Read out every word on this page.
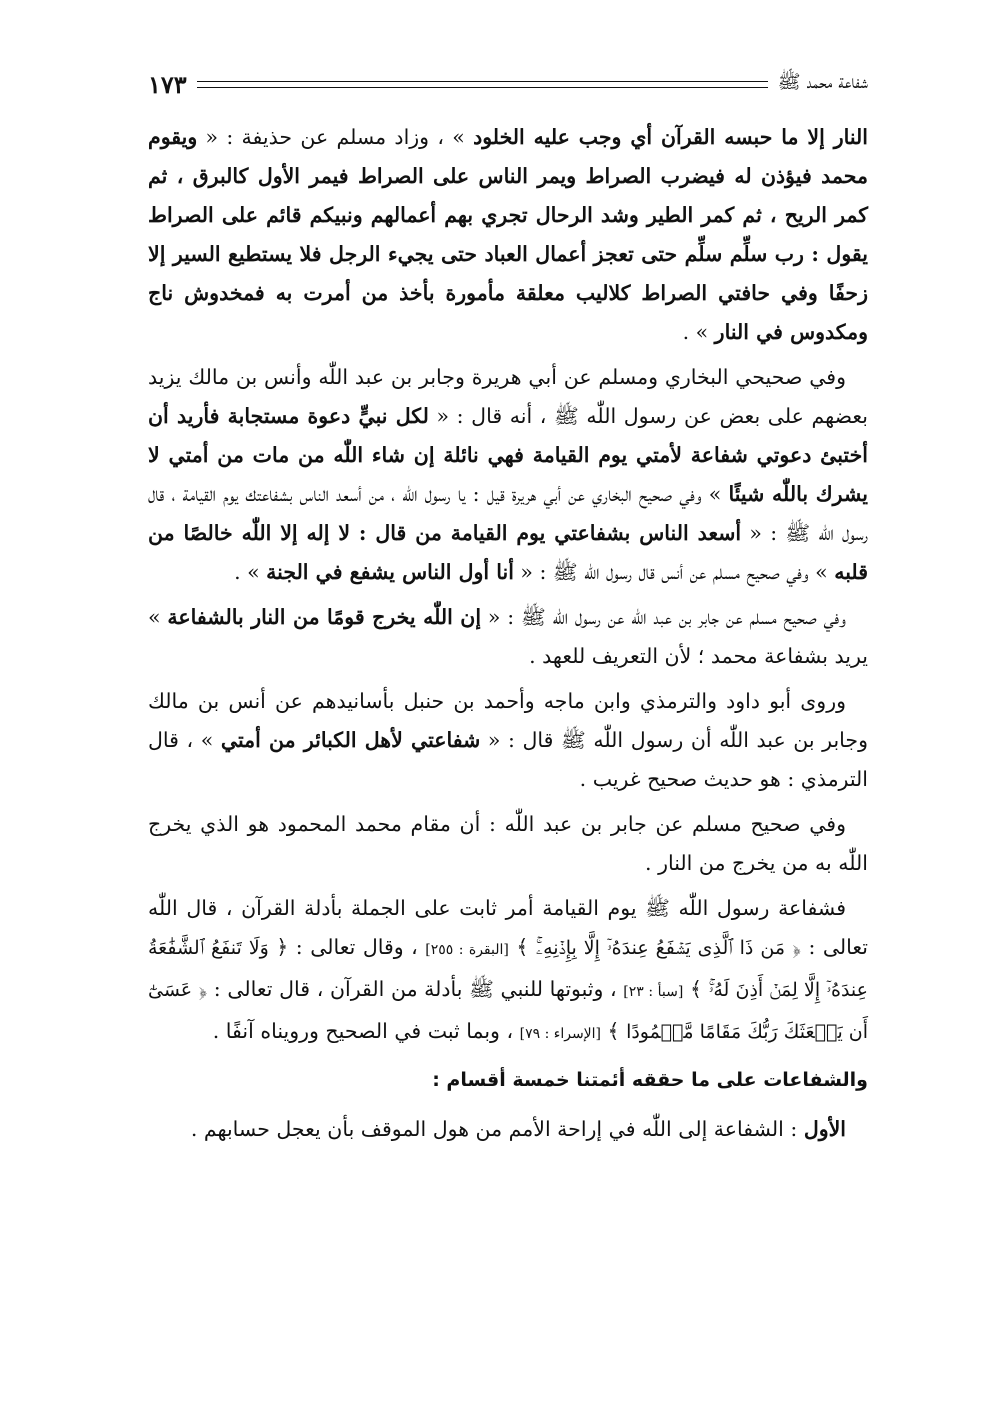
شفاعة محمد ﷺ
١٧٣

النار إلا ما حبسه القرآن أي وجب عليه الخلود » ، وزاد مسلم عن حذيفة : « ويقوم محمد فيؤذن له فيضرب الصراط ويمر الناس على الصراط فيمر الأول كالبرق ، ثم كمر الريح ، ثم كمر الطير وشد الرحال تجري بهم أعمالهم ونبيكم قائم على الصراط يقول : رب سلِّم سلِّم حتى تعجز أعمال العباد حتى يجيء الرجل فلا يستطيع السير إلا زحفًا وفي حافتي الصراط كلاليب معلقة مأمورة بأخذ من أمرت به فمخدوش ناج ومكدوس في النار » .

وفي صحيحي البخاري ومسلم عن أبي هريرة وجابر بن عبد اللّٰه وأنس بن مالك يزيد بعضهم على بعض عن رسول اللّٰه ﷺ ، أنه قال : « لكل نبيٍّ دعوة مستجابة فأريد أن أختبئ دعوتي شفاعة لأمتي يوم القيامة فهي نائلة إن شاء اللّٰه من مات من أمتي لا يشرك باللّٰه شيئًا » وفي صحيح البخاري عن أبي هريرة قيل : يا رسول اللّٰه ، من أسعد الناس بشفاعتك يوم القيامة ، قال رسول اللّٰه ﷺ : « أسعد الناس بشفاعتي يوم القيامة من قال : لا إله إلا اللّٰه خالصًا من قلبه » وفي صحيح مسلم عن أنس قال رسول اللّٰه ﷺ : « أنا أول الناس يشفع في الجنة » .

وفي صحيح مسلم عن جابر بن عبد الله عن رسول اللّٰه ﷺ : « إن اللّٰه يخرج قومًا من النار بالشفاعة » يريد بشفاعة محمد ؛ لأن التعريف للعهد .

وروى أبو داود والترمذي وابن ماجه وأحمد بن حنبل بأسانيدهم عن أنس بن مالك وجابر بن عبد اللّٰه أن رسول اللّٰه ﷺ قال : « شفاعتي لأهل الكبائر من أمتي » ، قال الترمذي : هو حديث صحيح غريب .

وفي صحيح مسلم عن جابر بن عبد اللّٰه : أن مقام محمد المحمود هو الذي يخرج اللّٰه به من يخرج من النار .

فشفاعة رسول اللّٰه ﷺ يوم القيامة أمر ثابت على الجملة بأدلة القرآن ، قال اللّٰه تعالى : ﴿ مَن ذَا ٱلَّذِى يَشۡفَعُ عِندَهُۥٓ إِلَّا بِإِذۡنِهِۦۚ ﴾ [البقرة : ٢٥٥] ، وقال تعالى : ﴿ وَلَا تَنفَعُ ٱلشَّفَٰعَةُ عِندَهُۥٓ إِلَّا لِمَنۡ أَذِنَ لَهُۥۚ ﴾ [سبأ : ٢٣] ، وثبوتها للنبي ﷺ بأدلة من القرآن ، قال تعالى : ﴿ عَسَىٰٓ أَن يَبۡعَثَكَ رَبُّكَ مَقَامًا مَّحۡمُودًا ﴾ [الإسراء : ٧٩] ، وبما ثبت في الصحيح ورويناه آنفًا .

والشفاعات على ما حققه أئمتنا خمسة أقسام :

الأول : الشفاعة إلى اللّٰه في إراحة الأمم من هول الموقف بأن يعجل حسابهم .
